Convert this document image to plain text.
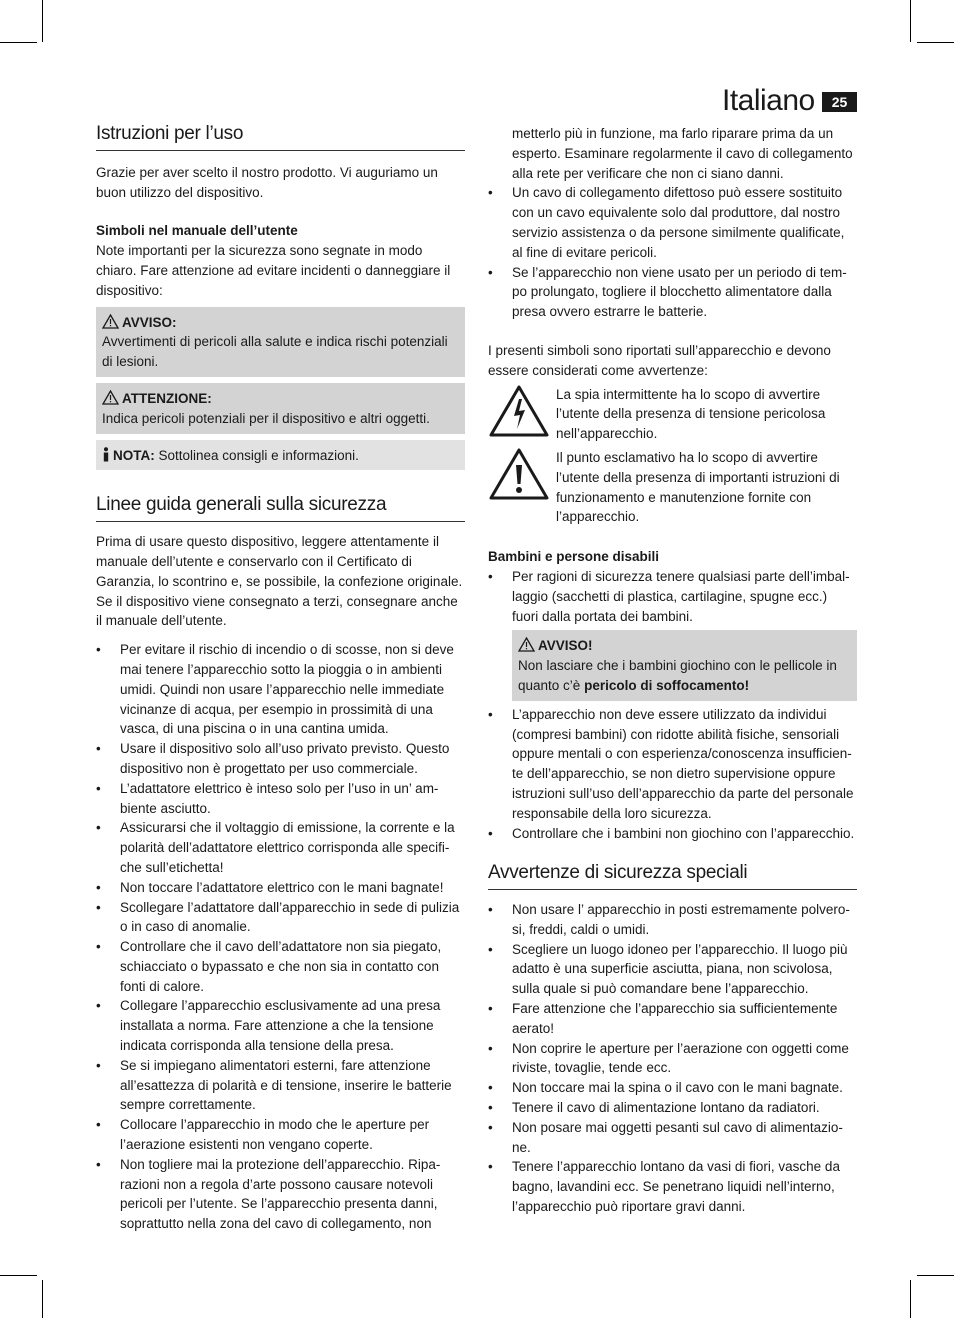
Italiano	25
Istruzioni per l’uso

Grazie per aver scelto il nostro prodotto. Vi auguriamo un buon utilizzo del dispositivo.

Simboli nel manuale dell’utente

Note importanti per la sicurezza sono segnate in modo chiaro. Fare attenzione ad evitare incidenti o danneggiare il dispositivo:

AVVISO:
Avvertimenti di pericoli alla salute e indica rischi potenziali di lesioni.
ATTENZIONE:
Indica pericoli potenziali per il dispositivo e altri oggetti.
NOTA: Sottolinea consigli e informazioni.
Linee guida generali sulla sicurezza

Prima di usare questo dispositivo, leggere attentamente il manuale dell’utente e conservarlo con il Certificato di Garanzia, lo scontrino e, se possibile, la confezione originale. Se il dispositivo viene consegnato a terzi, consegnare anche il manuale dell’utente.

• Per evitare il rischio di incendio o di scosse, non si deve mai tenere l’apparecchio sotto la pioggia o in ambienti umidi. Quindi non usare l’apparecchio nelle immediate vicinanze di acqua, per esempio in prossimità di una vasca, di una piscina o in una cantina umida.
• Usare il dispositivo solo all’uso privato previsto. Questo dispositivo non è progettato per uso commerciale.
• L’adattatore elettrico è inteso solo per l’uso in un’ am-biente asciutto.
• Assicurarsi che il voltaggio di emissione, la corrente e la polarità dell’adattatore elettrico corrisponda alle specifi-che sull’etichetta!
• Non toccare l’adattatore elettrico con le mani bagnate!
• Scollegare l’adattatore dall’apparecchio in sede di pulizia o in caso di anomalie.
• Controllare che il cavo dell’adattatore non sia piegato, schiacciato o bypassato e che non sia in contatto con fonti di calore.
• Collegare l’apparecchio esclusivamente ad una presa installata a norma. Fare attenzione a che la tensione indicata corrisponda alla tensione della presa.
• Se si impiegano alimentatori esterni, fare attenzione all’esattezza di polarità e di tensione, inserire le batterie sempre correttamente.
• Collocare l’apparecchio in modo che le aperture per l’aerazione esistenti non vengano coperte.
• Non togliere mai la protezione dell’apparecchio. Ripa-razioni non a regola d’arte possono causare notevoli pericoli per l’utente. Se l’apparecchio presenta danni, soprattutto nella zona del cavo di collegamento, non

metterlo più in funzione, ma farlo riparare prima da un esperto. Esaminare regolarmente il cavo di collegamento alla rete per verificare che non ci siano danni.

• Un cavo di collegamento difettoso può essere sostituito con un cavo equivalente solo dal produttore, dal nostro servizio assistenza o da persone similmente qualificate, al fine di evitare pericoli.
• Se l’apparecchio non viene usato per un periodo di tem-po prolungato, togliere il blocchetto alimentatore dalla presa ovvero estrarre le batterie.

I presenti simboli sono riportati sull’apparecchio e devono essere considerati come avvertenze:

La spia intermittente ha lo scopo di avvertire l’utente della presenza di tensione pericolosa nell’apparecchio.

Il punto esclamativo ha lo scopo di avvertire l’utente della presenza di importanti istruzioni di funzionamento e manutenzione fornite con l’apparecchio.

Bambini e persone disabili

• Per ragioni di sicurezza tenere qualsiasi parte dell’imbal-laggio (sacchetti di plastica, cartilagine, spugne ecc.) fuori dalla portata dei bambini.
AVVISO!
Non lasciare che i bambini giochino con le pellicole in quanto c’è pericolo di soffocamento!
• L’apparecchio non deve essere utilizzato da individui (compresi bambini) con ridotte abilità fisiche, sensoriali oppure mentali o con esperienza/conoscenza insufficien-te dell’apparecchio, se non dietro supervisione oppure istruzioni sull’uso dell’apparecchio da parte del personale responsabile della loro sicurezza.
• Controllare che i bambini non giochino con l’apparecchio.
Avvertenze di sicurezza speciali
• Non usare l’ apparecchio in posti estremamente polvero-si, freddi, caldi o umidi.
• Scegliere un luogo idoneo per l’apparecchio. Il luogo più adatto è una superficie asciutta, piana, non scivolosa, sulla quale si può comandare bene l’apparecchio.
• Fare attenzione che l’apparecchio sia sufficientemente aerato!
• Non coprire le aperture per l’aerazione con oggetti come riviste, tovaglie, tende ecc.
• Non toccare mai la spina o il cavo con le mani bagnate.
• Tenere il cavo di alimentazione lontano da radiatori.
• Non posare mai oggetti pesanti sul cavo di alimentazio-ne.
• Tenere l’apparecchio lontano da vasi di fiori, vasche da bagno, lavandini ecc. Se penetrano liquidi nell’interno, l’apparecchio può riportare gravi danni.
